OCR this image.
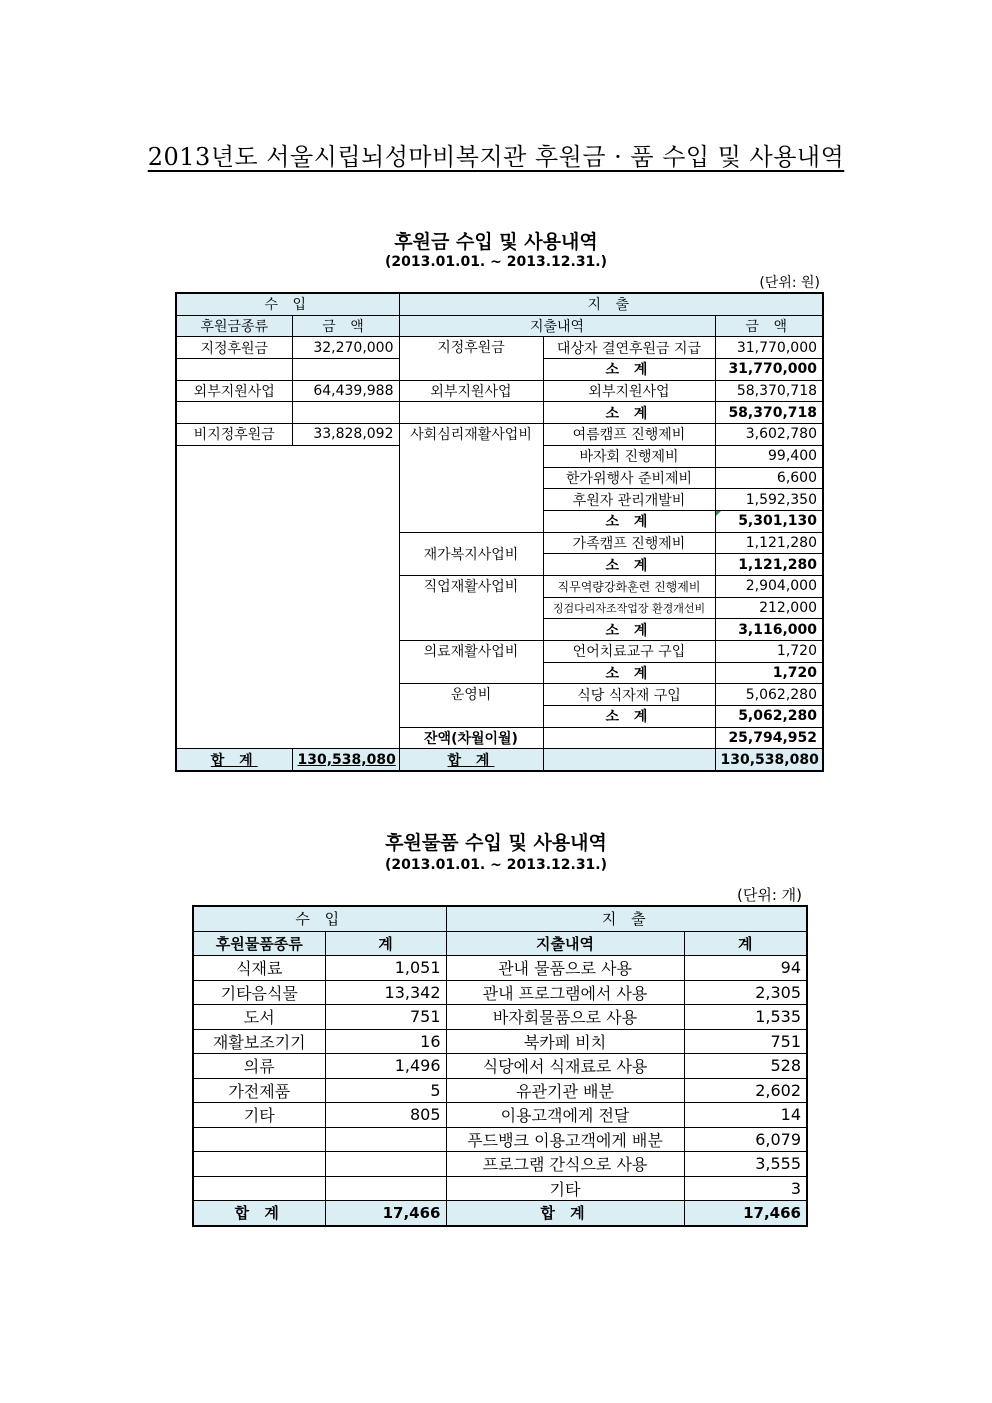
2013년도 서울시립뇌성마비복지관 후원금 · 품 수입 및 사용내역
후원금 수입 및 사용내역
(2013.01.01. ~ 2013.12.31.)
(단위: 원)
수 입		지 출		
후원금종류	금 액	지출내역		금 액
지정후원금	32,270,000	지정후원금	대상자 결연후원금 지급	31,770,000
			소 계	31,770,000
외부지원사업	64,439,988	외부지원사업	외부지원사업	58,370,718
			소 계	58,370,718
비지정후원금	33,828,092	사회심리재활사업비	여름캠프 진행제비	3,602,780
			바자회 진행제비	99,400
			한가위행사 준비제비	6,600
			후원자 관리개발비	1,592,350
			소 계	5,301,130
		재가복지사업비	가족캠프 진행제비	1,121,280
			소 계	1,121,280
		직업재활사업비	직무역량강화훈련 진행제비	2,904,000
			징검다리자조작업장 환경개선비	212,000
			소 계	3,116,000
		의료재활사업비	언어치료교구 구입	1,720
			소 계	1,720
		운영비	식당 식자재 구입	5,062,280
			소 계	5,062,280
		잔액(차월이월)		25,794,952
합 계	130,538,080	합 계		130,538,080
후원물품 수입 및 사용내역
(2013.01.01. ~ 2013.12.31.)
(단위: 개)
수 입		지 출	
후원물품종류	계	지출내역	계
식재료	1,051	관내 물품으로 사용	94
기타음식물	13,342	관내 프로그램에서 사용	2,305
도서	751	바자회물품으로 사용	1,535
재활보조기기	16	북카페 비치	751
의류	1,496	식당에서 식재료로 사용	528
가전제품	5	유관기관 배분	2,602
기타	805	이용고객에게 전달	14
		푸드뱅크 이용고객에게 배분	6,079
		프로그램 간식으로 사용	3,555
		기타	3
합 계	17,466	합 계	17,466
